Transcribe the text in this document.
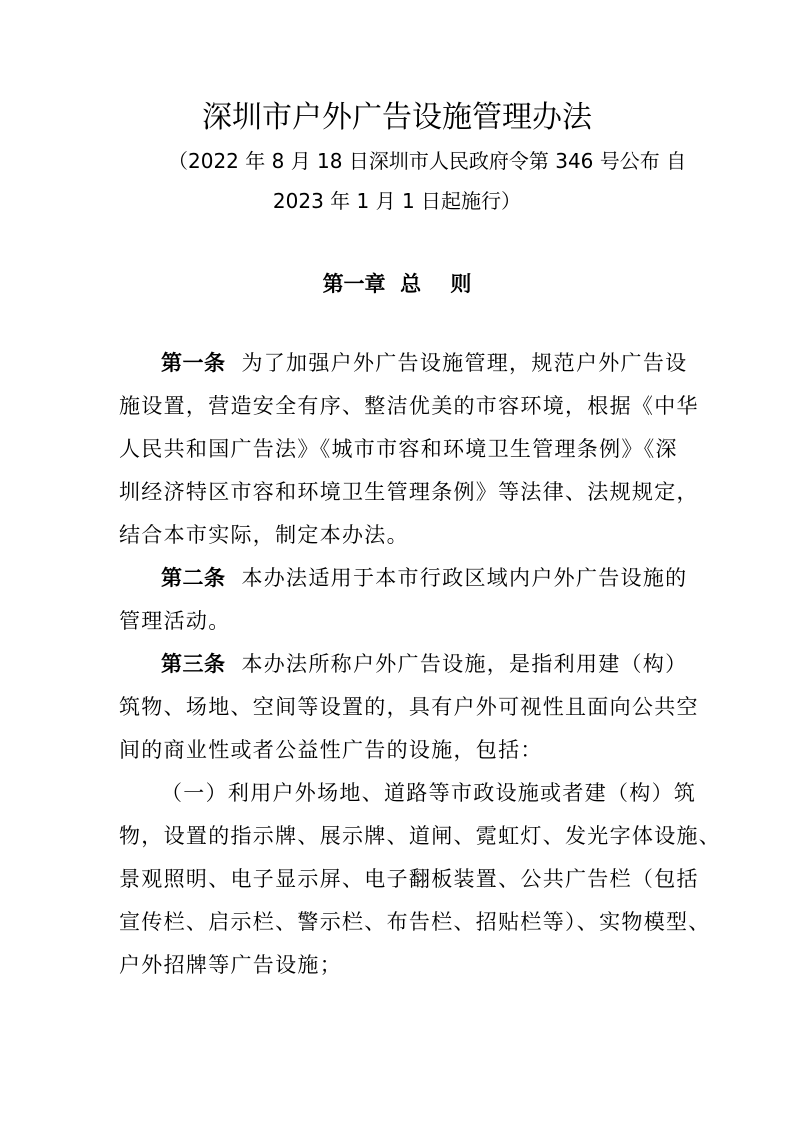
深圳市户外广告设施管理办法
（2022 年 8 月 18 日深圳市人民政府令第 346 号公布 自
2023 年 1 月 1 日起施行）
第一章  总    则
第一条 为了加强户外广告设施管理，规范户外广告设
施设置，营造安全有序、整洁优美的市容环境，根据《中华
人民共和国广告法》《城市市容和环境卫生管理条例》《深
圳经济特区市容和环境卫生管理条例》等法律、法规规定，
结合本市实际，制定本办法。
第二条 本办法适用于本市行政区域内户外广告设施的
管理活动。
第三条 本办法所称户外广告设施，是指利用建（构）
筑物、场地、空间等设置的，具有户外可视性且面向公共空
间的商业性或者公益性广告的设施，包括：
（一）利用户外场地、道路等市政设施或者建（构）筑
物，设置的指示牌、展示牌、道闸、霓虹灯、发光字体设施、
景观照明、电子显示屏、电子翻板装置、公共广告栏（包括
宣传栏、启示栏、警示栏、布告栏、招贴栏等）、实物模型、
户外招牌等广告设施；
